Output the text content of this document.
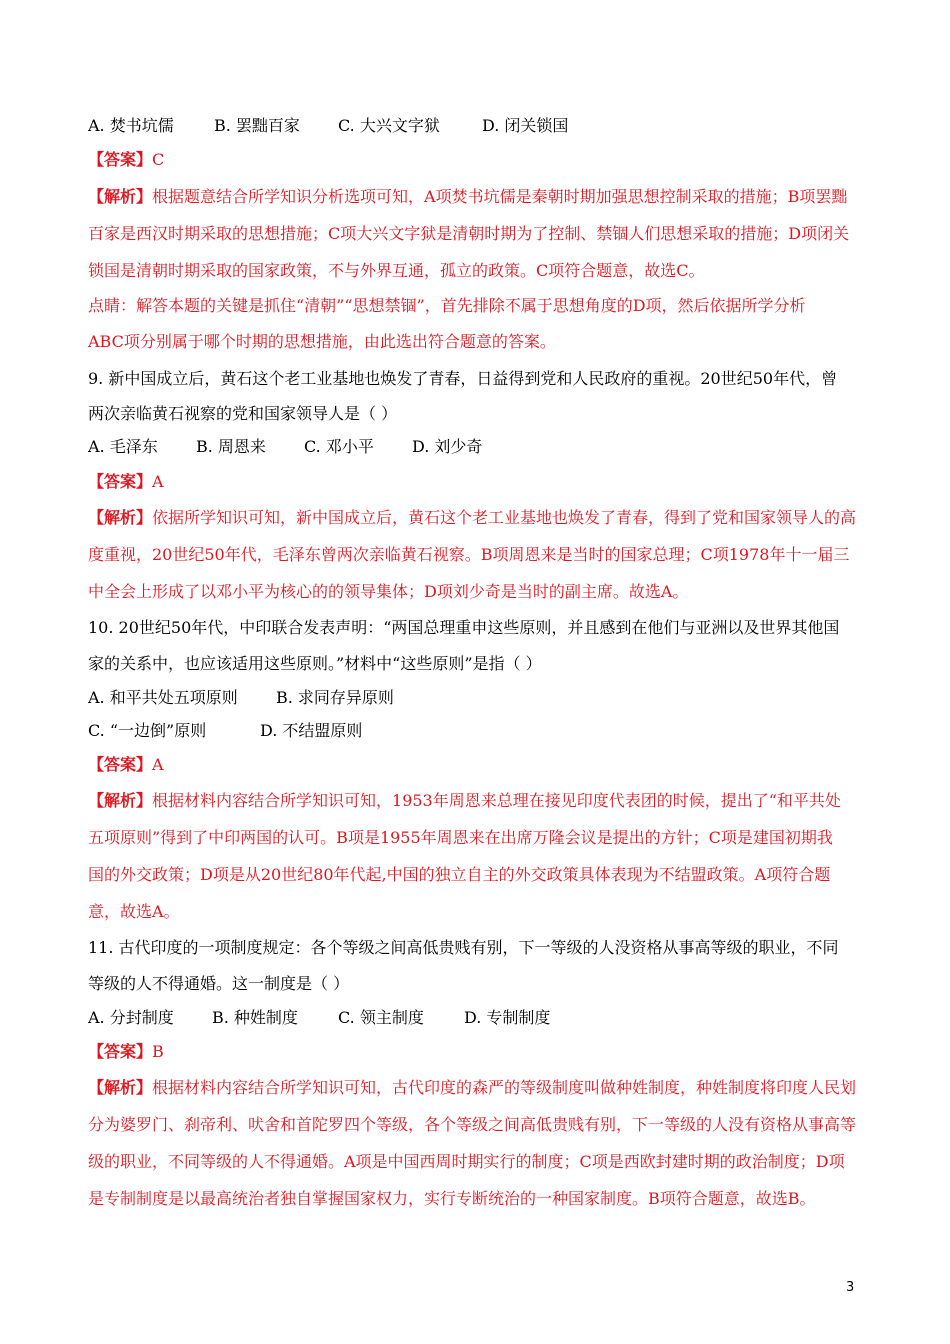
A. 焚书坑儒	B. 罢黜百家 C. 大兴文字狱	D. 闭关锁国
【答案】C
【解析】根据题意结合所学知识分析选项可知，A项焚书坑儒是秦朝时期加强思想控制采取的措施；B项罢黜
百家是西汉时期采取的思想措施；C项大兴文字狱是清朝时期为了控制、禁锢人们思想采取的措施；D项闭关
锁国是清朝时期采取的国家政策，不与外界互通，孤立的政策。C项符合题意，故选C。
点睛：解答本题的关键是抓住“清朝”“思想禁锢”，首先排除不属于思想角度的D项，然后依据所学分析
ABC项分别属于哪个时期的思想措施，由此选出符合题意的答案。
9. 新中国成立后，黄石这个老工业基地也焕发了青春，日益得到党和人民政府的重视。20世纪50年代，曾
两次亲临黄石视察的党和国家领导人是（ ）
A. 毛泽东 B. 周恩来 C. 邓小平 D. 刘少奇
【答案】A
【解析】依据所学知识可知，新中国成立后，黄石这个老工业基地也焕发了青春，得到了党和国家领导人的高
度重视，20世纪50年代，毛泽东曾两次亲临黄石视察。B项周恩来是当时的国家总理；C项1978年十一届三
中全会上形成了以邓小平为核心的的领导集体；D项刘少奇是当时的副主席。故选A。
10. 20世纪50年代，中印联合发表声明：“两国总理重申这些原则，并且感到在他们与亚洲以及世界其他国
家的关系中，也应该适用这些原则。”材料中“这些原则”是指（ ）
A. 和平共处五项原则 B. 求同存异原则
C. “一边倒”原则	D. 不结盟原则
【答案】A
【解析】根据材料内容结合所学知识可知，1953年周恩来总理在接见印度代表团的时候，提出了“和平共处
五项原则”得到了中印两国的认可。B项是1955年周恩来在出席万隆会议是提出的方针；C项是建国初期我
国的外交政策；D项是从20世纪80年代起,中国的独立自主的外交政策具体表现为不结盟政策。A项符合题
意，故选A。
11. 古代印度的一项制度规定：各个等级之间高低贵贱有别，下一等级的人没资格从事高等级的职业，不同
等级的人不得通婚。这一制度是（ ）
A. 分封制度 B. 种姓制度	C. 领主制度	D. 专制制度
【答案】B
【解析】根据材料内容结合所学知识可知，古代印度的森严的等级制度叫做种姓制度，种姓制度将印度人民划
分为婆罗门、刹帝利、吠舍和首陀罗四个等级，各个等级之间高低贵贱有别，下一等级的人没有资格从事高等
级的职业，不同等级的人不得通婚。A项是中国西周时期实行的制度；C项是西欧封建时期的政治制度；D项
是专制制度是以最高统治者独自掌握国家权力，实行专断统治的一种国家制度。B项符合题意，故选B。
3
